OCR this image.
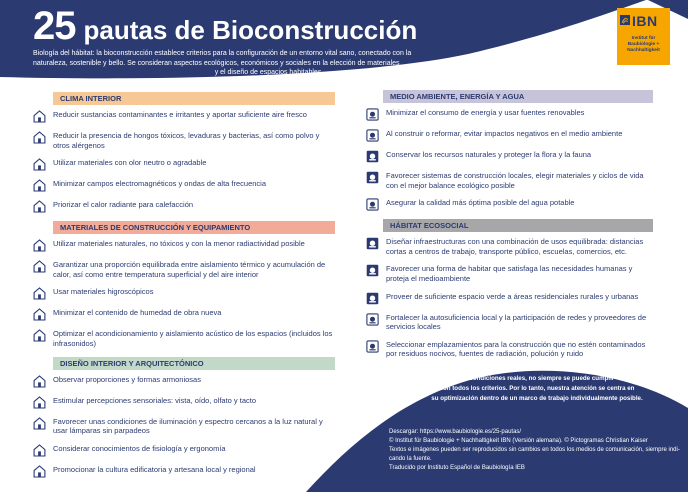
25 pautas de Bioconstrucción
Biología del hábitat: la bioconstrucción establece criterios para la configuración de un entorno vital sano, conectado con la
naturaleza, sostenible y bello. Se consideran aspectos ecológicos, económicos y sociales en la elección de materiales
y el diseño de espacios habitables.
IBN
Institut für
Baubiologie +
Nachhaltigkeit
CLIMA INTERIOR
Reducir sustancias contaminantes e irritantes y aportar suficiente aire fresco
Reducir la presencia de hongos tóxicos, levaduras y bacterias, así como polvo y otros alérgenos
Utilizar materiales con olor neutro o agradable
Minimizar campos electromagnéticos y ondas de alta frecuencia
Priorizar el calor radiante para calefacción
MATERIALES DE CONSTRUCCIÓN Y EQUIPAMIENTO
Utilizar materiales naturales, no tóxicos y con la menor radiactividad posible
Garantizar una proporción equilibrada entre aislamiento térmico y acumulación de calor, así como entre temperatura superficial y del aire interior
Usar materiales higroscópicos
Minimizar el contenido de humedad de obra nueva
Optimizar el acondicionamiento y aislamiento acústico de los espacios (incluidos los infrasonidos)
DISEÑO INTERIOR Y ARQUITECTÓNICO
Observar proporciones y formas armoniosas
Estimular percepciones sensoriales: vista, oído, olfato y tacto
Favorecer unas condiciones de iluminación y espectro cercanos a la luz natural y usar lámparas sin parpadeos
Considerar conocimientos de fisiología y ergonomía
Promocionar la cultura edificatoria y artesana local y regional
MEDIO AMBIENTE, ENERGÍA Y AGUA
Minimizar el consumo de energía y usar fuentes renovables
Al construir o reformar, evitar impactos negativos en el medio ambiente
Conservar los recursos naturales y proteger la flora y la fauna
Favorecer sistemas de construcción locales, elegir materiales y ciclos de vida con el mejor balance ecológico posible
Asegurar la calidad más óptima posible del agua potable
HÁBITAT ECOSOCIAL
Diseñar infraestructuras con una combinación de usos equilibrada: distancias cortas a centros de trabajo, transporte público, escuelas, comercios, etc.
Favorecer una forma de habitar que satisfaga las necesidades humanas y proteja el medioambiente
Proveer de suficiente espacio verde a áreas residenciales rurales y urbanas
Fortalecer la autosuficiencia local y la participación de redes y proveedores de servicios locales
Seleccionar emplazamientos para la construcción que no estén contaminados por residuos nocivos, fuentes de radiación, polución y ruido
En condiciones reales, no siempre se puede cumplir
con todos los criterios. Por lo tanto, nuestra atención se centra en
su optimización dentro de un marco de trabajo individualmente posible.
Descargar: https://www.baubiologie.es/25-pautas/
© Institut für Baubiologie + Nachhaltigkeit IBN (Versión alemana). © Pictogramas Christian Kaiser
Textos e imágenes pueden ser reproducidos sin cambios en todos los medios de comunicación, siempre indi-
cando la fuente.
Traducido por Instituto Español de Baubiología IEB
